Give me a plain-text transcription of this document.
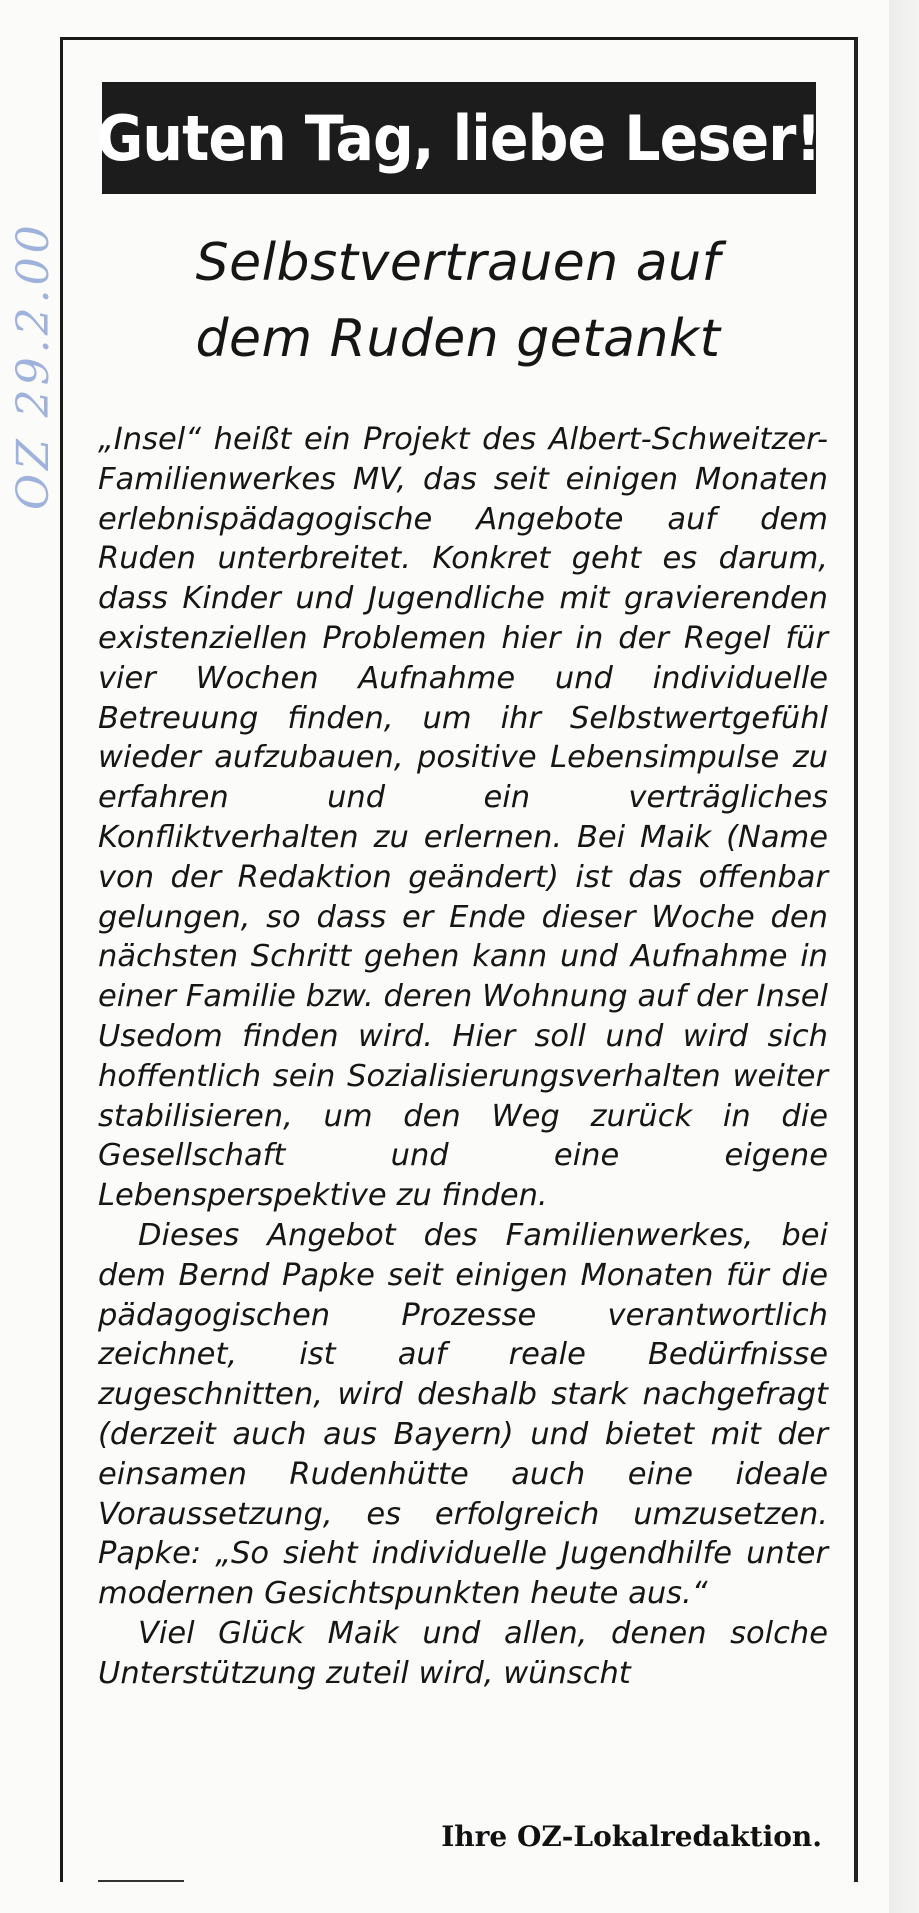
OZ 29.2.00
Guten Tag, liebe Leser!
Selbstvertrauen auf
dem Ruden getankt

„Insel“ heißt ein Projekt des Albert-Schweitzer-Familienwerkes MV, das seit einigen Monaten erlebnispädagogische Angebote auf dem Ruden unterbreitet. Konkret geht es darum, dass Kinder und Jugendliche mit gravierenden existenziellen Problemen hier in der Regel für vier Wochen Aufnahme und individuelle Betreuung finden, um ihr Selbstwertgefühl wieder aufzubauen, positive Lebensimpulse zu erfahren und ein verträgliches Konfliktverhalten zu erlernen. Bei Maik (Name von der Redaktion geändert) ist das offenbar gelungen, so dass er Ende dieser Woche den nächsten Schritt gehen kann und Aufnahme in einer Familie bzw. deren Wohnung auf der Insel Usedom finden wird. Hier soll und wird sich hoffentlich sein Sozialisierungsverhalten weiter stabilisieren, um den Weg zurück in die Gesellschaft und eine eigene Lebensperspektive zu finden.

Dieses Angebot des Familienwerkes, bei dem Bernd Papke seit einigen Monaten für die pädagogischen Prozesse verantwortlich zeichnet, ist auf reale Bedürfnisse zugeschnitten, wird deshalb stark nachgefragt (derzeit auch aus Bayern) und bietet mit der einsamen Rudenhütte auch eine ideale Voraussetzung, es erfolgreich umzusetzen. Papke: „So sieht individuelle Jugendhilfe unter modernen Gesichtspunkten heute aus.“

Viel Glück Maik und allen, denen solche Unterstützung zuteil wird, wünscht

Ihre OZ-Lokalredaktion.
